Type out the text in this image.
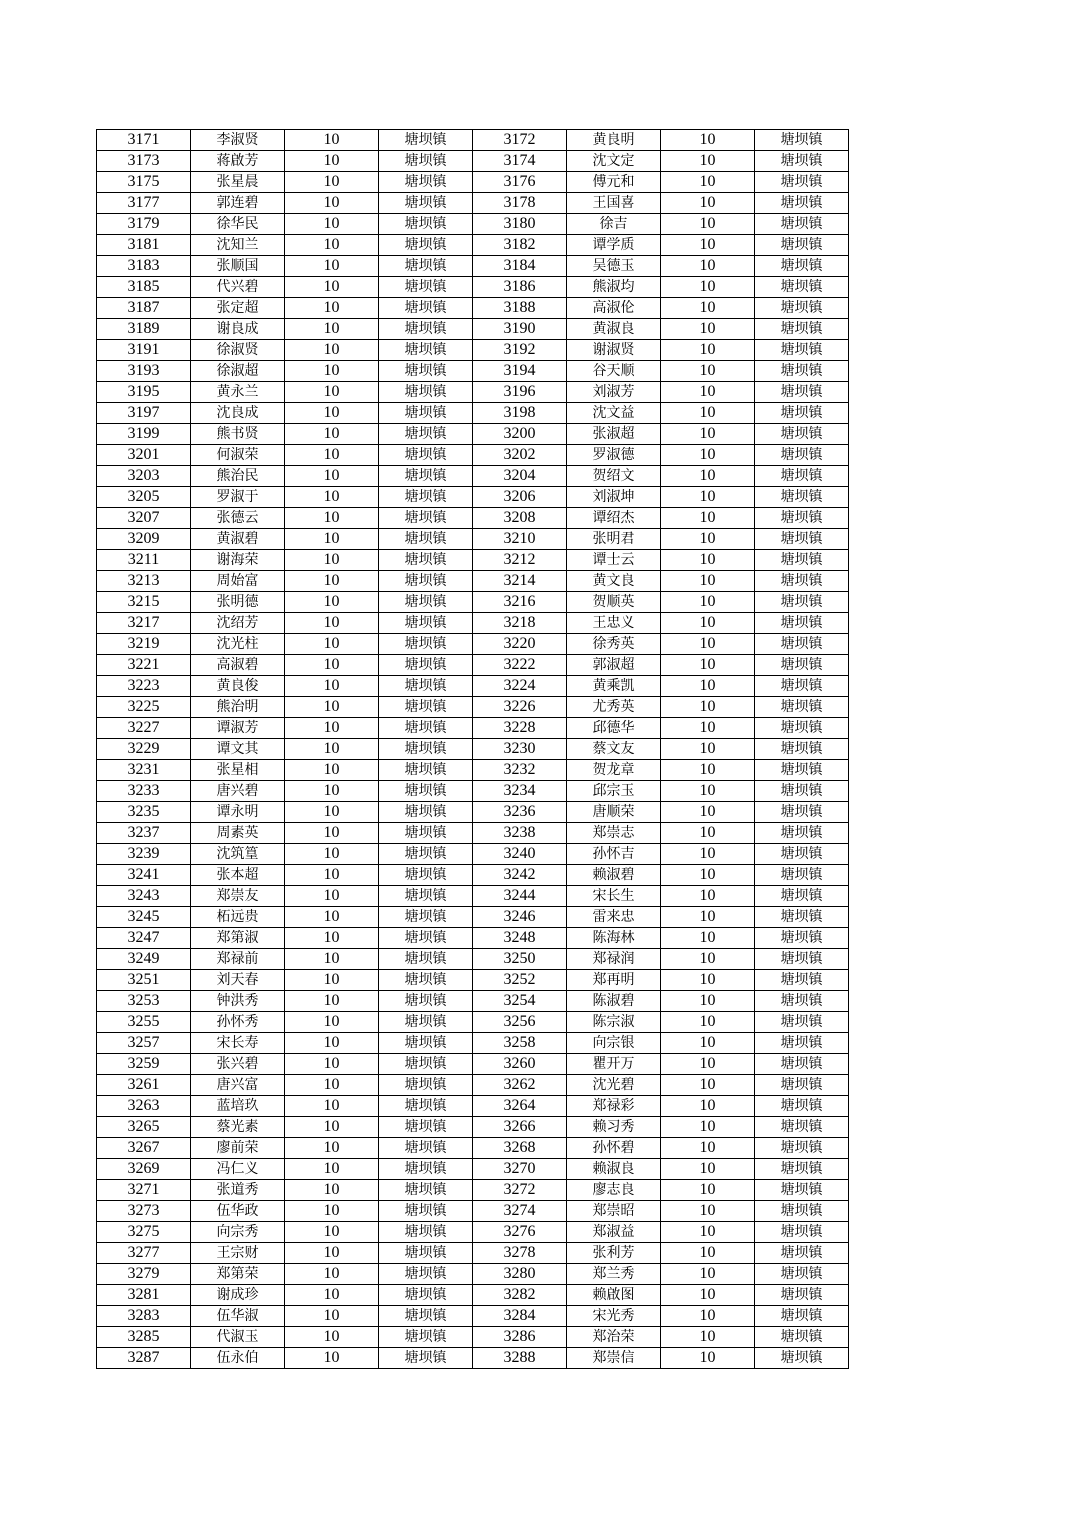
3171	李淑贤	10	塘坝镇	3172	黄良明	10	塘坝镇
3173	蒋啟芳	10	塘坝镇	3174	沈文定	10	塘坝镇
3175	张星晨	10	塘坝镇	3176	傅元和	10	塘坝镇
3177	郭连碧	10	塘坝镇	3178	王国喜	10	塘坝镇
3179	徐华民	10	塘坝镇	3180	徐吉	10	塘坝镇
3181	沈知兰	10	塘坝镇	3182	谭学质	10	塘坝镇
3183	张顺国	10	塘坝镇	3184	吴德玉	10	塘坝镇
3185	代兴碧	10	塘坝镇	3186	熊淑均	10	塘坝镇
3187	张定超	10	塘坝镇	3188	高淑伦	10	塘坝镇
3189	谢良成	10	塘坝镇	3190	黄淑良	10	塘坝镇
3191	徐淑贤	10	塘坝镇	3192	谢淑贤	10	塘坝镇
3193	徐淑超	10	塘坝镇	3194	谷天顺	10	塘坝镇
3195	黄永兰	10	塘坝镇	3196	刘淑芳	10	塘坝镇
3197	沈良成	10	塘坝镇	3198	沈文益	10	塘坝镇
3199	熊书贤	10	塘坝镇	3200	张淑超	10	塘坝镇
3201	何淑荣	10	塘坝镇	3202	罗淑德	10	塘坝镇
3203	熊治民	10	塘坝镇	3204	贺绍文	10	塘坝镇
3205	罗淑于	10	塘坝镇	3206	刘淑坤	10	塘坝镇
3207	张德云	10	塘坝镇	3208	谭绍杰	10	塘坝镇
3209	黄淑碧	10	塘坝镇	3210	张明君	10	塘坝镇
3211	谢海荣	10	塘坝镇	3212	谭士云	10	塘坝镇
3213	周始富	10	塘坝镇	3214	黄文良	10	塘坝镇
3215	张明德	10	塘坝镇	3216	贺顺英	10	塘坝镇
3217	沈绍芳	10	塘坝镇	3218	王忠义	10	塘坝镇
3219	沈光柱	10	塘坝镇	3220	徐秀英	10	塘坝镇
3221	高淑碧	10	塘坝镇	3222	郭淑超	10	塘坝镇
3223	黄良俊	10	塘坝镇	3224	黄乘凯	10	塘坝镇
3225	熊治明	10	塘坝镇	3226	尤秀英	10	塘坝镇
3227	谭淑芳	10	塘坝镇	3228	邱德华	10	塘坝镇
3229	谭文其	10	塘坝镇	3230	蔡文友	10	塘坝镇
3231	张星相	10	塘坝镇	3232	贺龙章	10	塘坝镇
3233	唐兴碧	10	塘坝镇	3234	邱宗玉	10	塘坝镇
3235	谭永明	10	塘坝镇	3236	唐顺荣	10	塘坝镇
3237	周素英	10	塘坝镇	3238	郑崇志	10	塘坝镇
3239	沈筑篁	10	塘坝镇	3240	孙怀吉	10	塘坝镇
3241	张本超	10	塘坝镇	3242	赖淑碧	10	塘坝镇
3243	郑崇友	10	塘坝镇	3244	宋长生	10	塘坝镇
3245	柘远贵	10	塘坝镇	3246	雷来忠	10	塘坝镇
3247	郑第淑	10	塘坝镇	3248	陈海林	10	塘坝镇
3249	郑禄前	10	塘坝镇	3250	郑禄润	10	塘坝镇
3251	刘天春	10	塘坝镇	3252	郑再明	10	塘坝镇
3253	钟洪秀	10	塘坝镇	3254	陈淑碧	10	塘坝镇
3255	孙怀秀	10	塘坝镇	3256	陈宗淑	10	塘坝镇
3257	宋长寿	10	塘坝镇	3258	向宗银	10	塘坝镇
3259	张兴碧	10	塘坝镇	3260	瞿开万	10	塘坝镇
3261	唐兴富	10	塘坝镇	3262	沈光碧	10	塘坝镇
3263	蓝培玖	10	塘坝镇	3264	郑禄彩	10	塘坝镇
3265	蔡光素	10	塘坝镇	3266	赖习秀	10	塘坝镇
3267	廖前荣	10	塘坝镇	3268	孙怀碧	10	塘坝镇
3269	冯仁义	10	塘坝镇	3270	赖淑良	10	塘坝镇
3271	张道秀	10	塘坝镇	3272	廖志良	10	塘坝镇
3273	伍华政	10	塘坝镇	3274	郑崇昭	10	塘坝镇
3275	向宗秀	10	塘坝镇	3276	郑淑益	10	塘坝镇
3277	王宗财	10	塘坝镇	3278	张利芳	10	塘坝镇
3279	郑第荣	10	塘坝镇	3280	郑兰秀	10	塘坝镇
3281	谢成珍	10	塘坝镇	3282	赖啟图	10	塘坝镇
3283	伍华淑	10	塘坝镇	3284	宋光秀	10	塘坝镇
3285	代淑玉	10	塘坝镇	3286	郑治荣	10	塘坝镇
3287	伍永伯	10	塘坝镇	3288	郑崇信	10	塘坝镇
